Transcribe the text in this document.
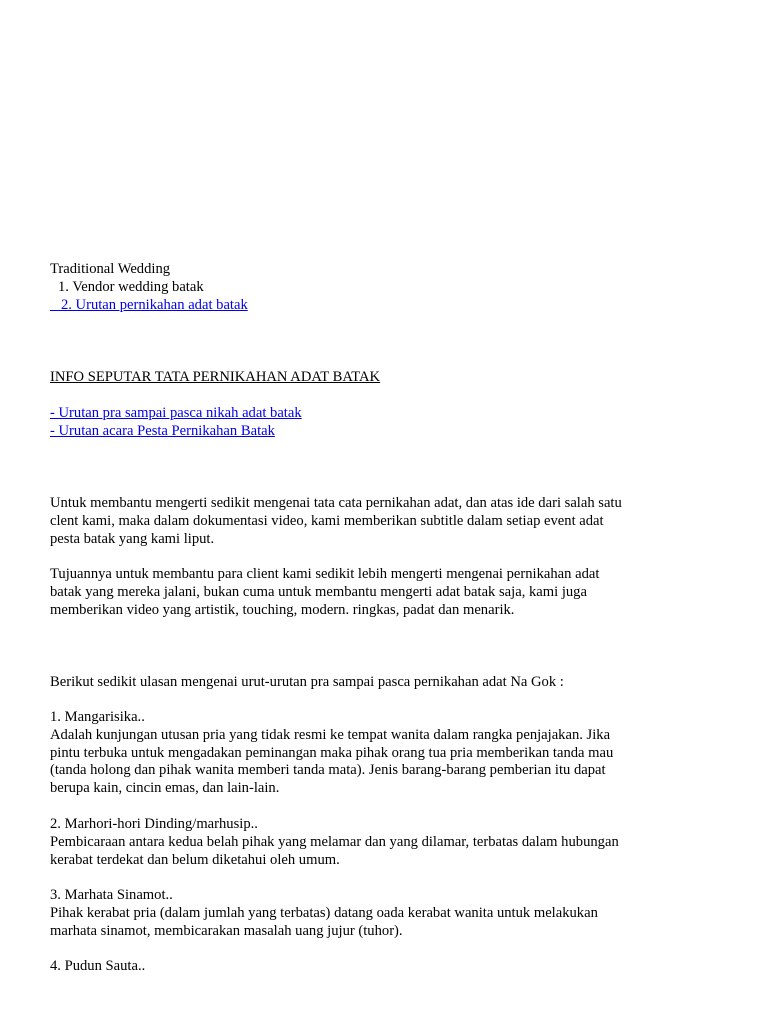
Traditional Wedding
1. Vendor wedding batak
2. Urutan pernikahan adat batak
INFO SEPUTAR TATA PERNIKAHAN ADAT BATAK
- Urutan pra sampai pasca nikah adat batak
- Urutan acara Pesta Pernikahan Batak
Untuk membantu mengerti sedikit mengenai tata cata pernikahan adat, dan atas ide dari salah satu
clent kami, maka dalam dokumentasi video, kami memberikan subtitle dalam setiap event adat
pesta batak yang kami liput.
Tujuannya untuk membantu para client kami sedikit lebih mengerti mengenai pernikahan adat
batak yang mereka jalani, bukan cuma untuk membantu mengerti adat batak saja, kami juga
memberikan video yang artistik, touching, modern. ringkas, padat dan menarik.
Berikut sedikit ulasan mengenai urut-urutan pra sampai pasca pernikahan adat Na Gok :
1. Mangarisika..
Adalah kunjungan utusan pria yang tidak resmi ke tempat wanita dalam rangka penjajakan. Jika
pintu terbuka untuk mengadakan peminangan maka pihak orang tua pria memberikan tanda mau
(tanda holong dan pihak wanita memberi tanda mata). Jenis barang-barang pemberian itu dapat
berupa kain, cincin emas, dan lain-lain.
2. Marhori-hori Dinding/marhusip..
Pembicaraan antara kedua belah pihak yang melamar dan yang dilamar, terbatas dalam hubungan
kerabat terdekat dan belum diketahui oleh umum.
3. Marhata Sinamot..
Pihak kerabat pria (dalam jumlah yang terbatas) datang oada kerabat wanita untuk melakukan
marhata sinamot, membicarakan masalah uang jujur (tuhor).
4. Pudun Sauta..
